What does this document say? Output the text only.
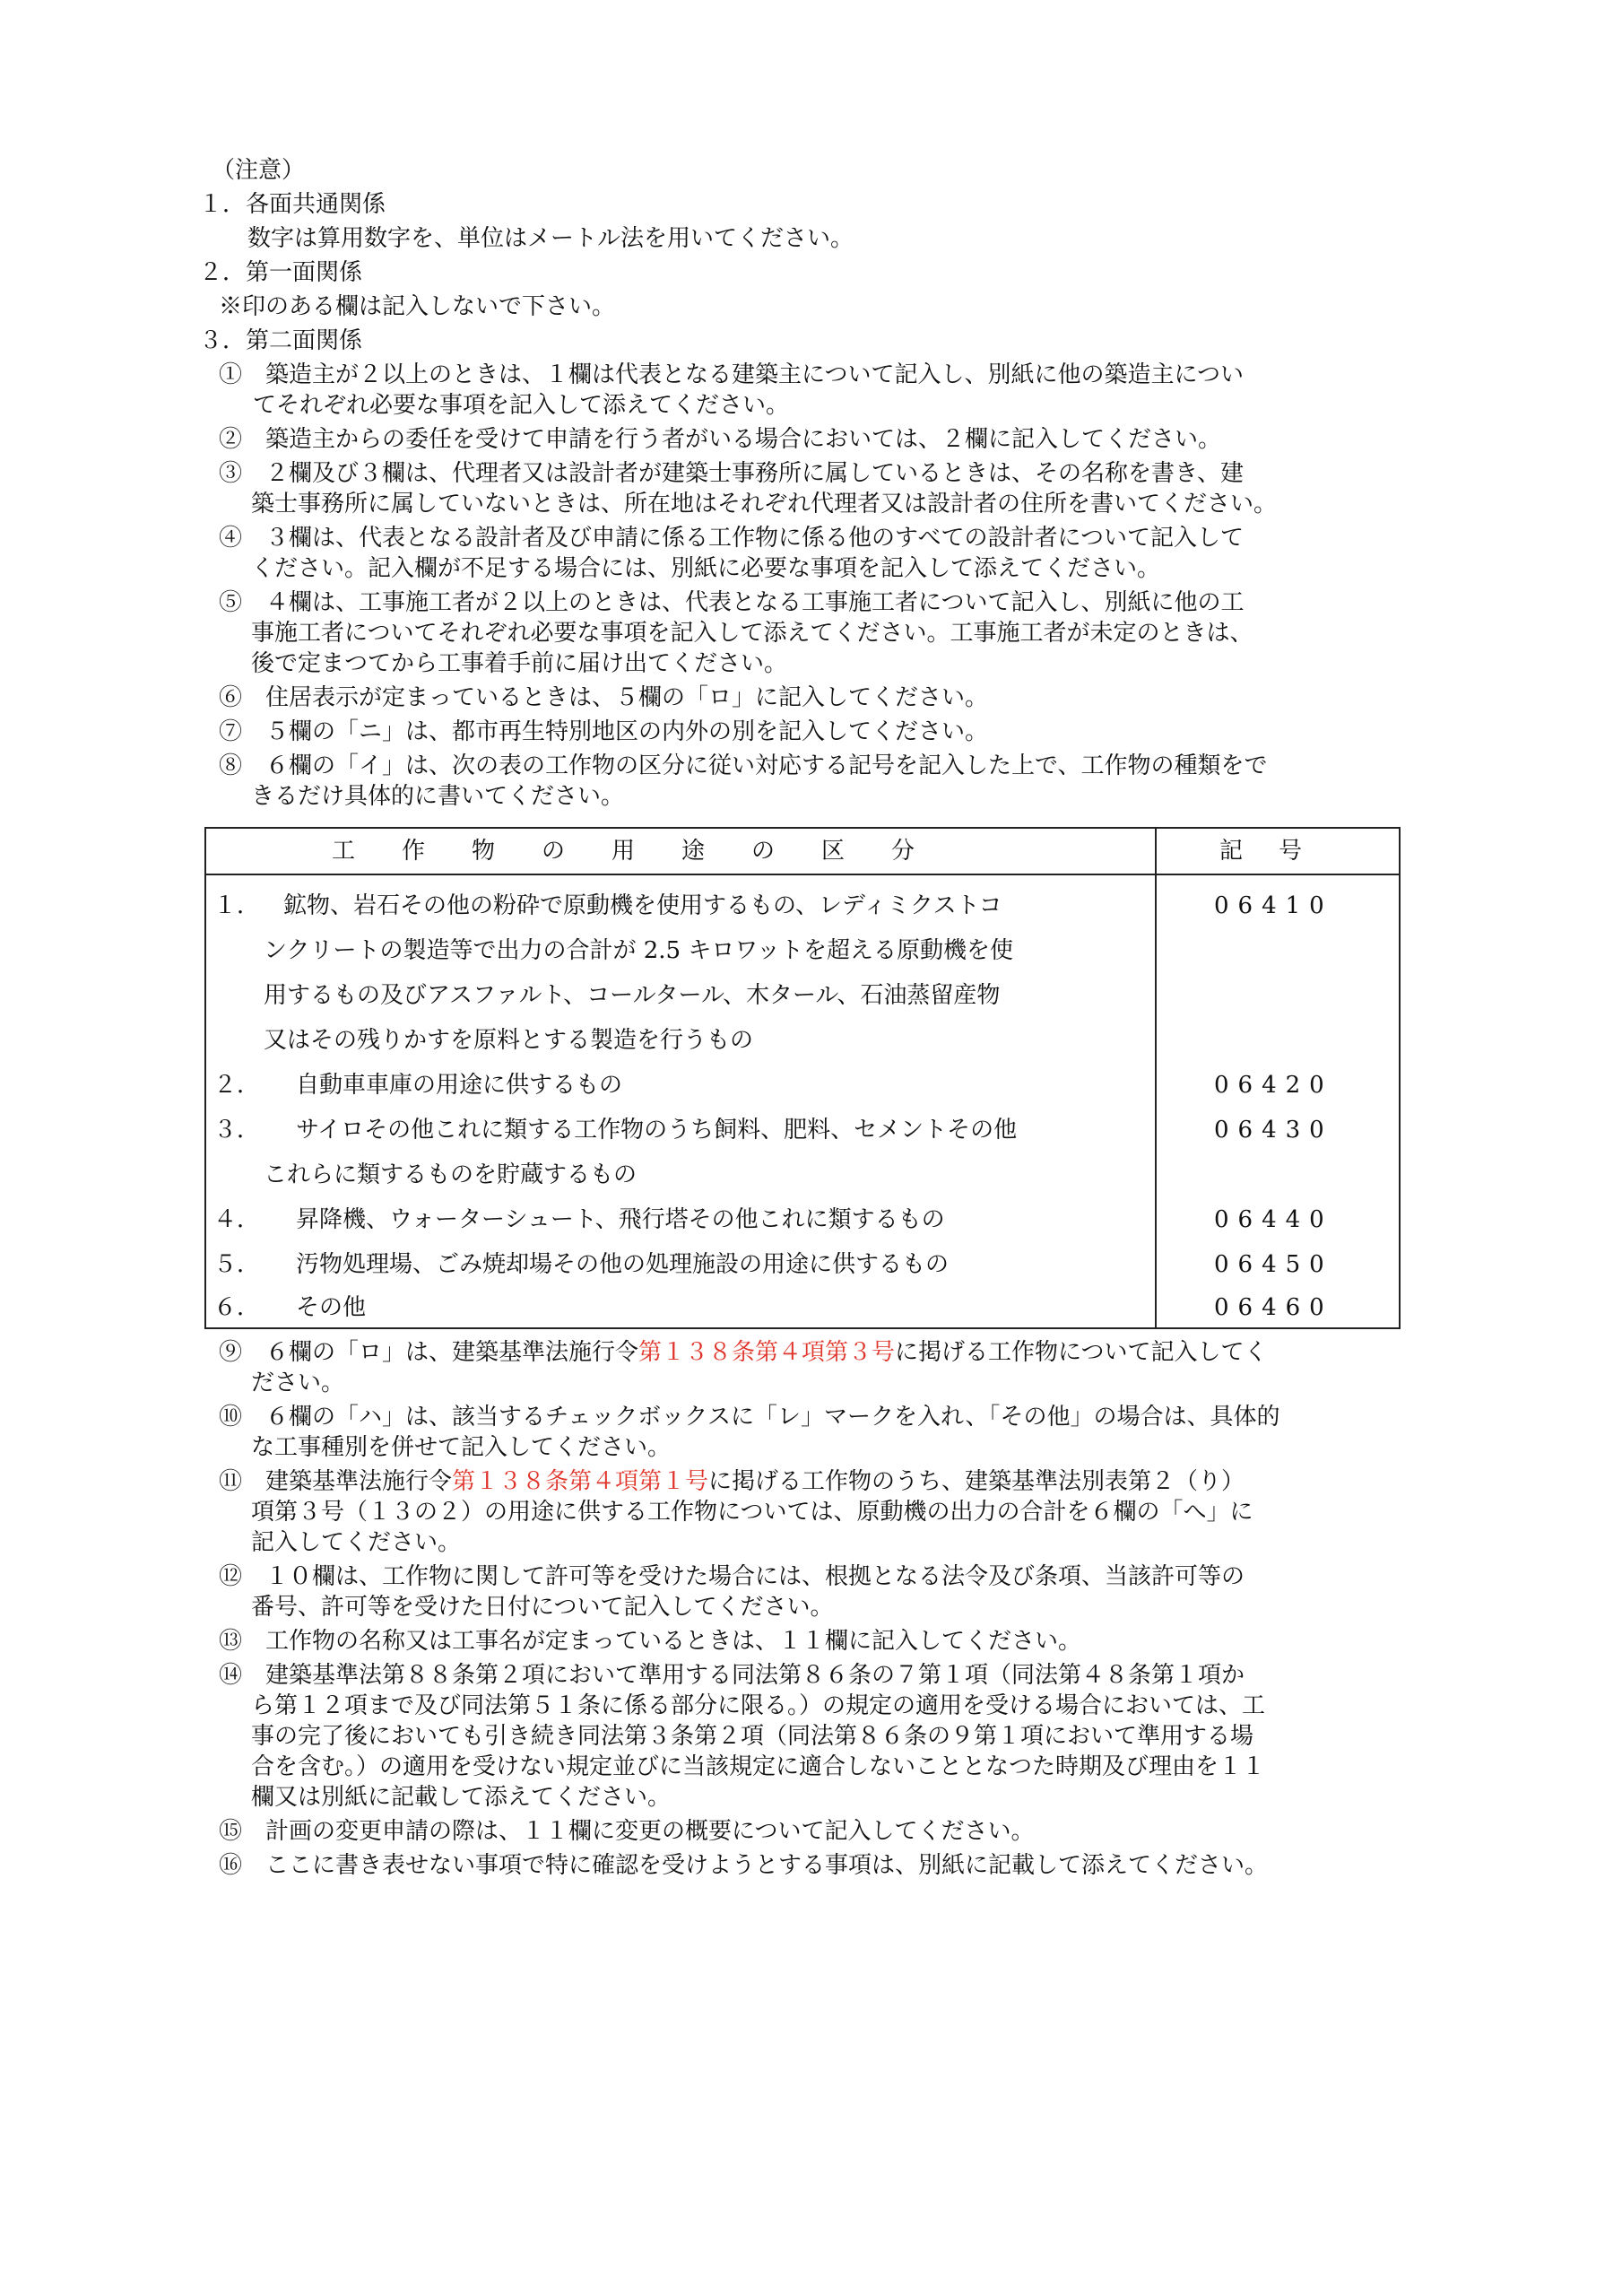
（注意）
１．各面共通関係
数字は算用数字を、単位はメートル法を用いてください。
２．第一面関係
※印のある欄は記入しないで下さい。
３．第二面関係
①　築造主が２以上のときは、１欄は代表となる建築主について記入し、別紙に他の築造主につい
てそれぞれ必要な事項を記入して添えてください。
②　築造主からの委任を受けて申請を行う者がいる場合においては、２欄に記入してください。
③　２欄及び３欄は、代理者又は設計者が建築士事務所に属しているときは、その名称を書き、建
築士事務所に属していないときは、所在地はそれぞれ代理者又は設計者の住所を書いてください。
④　３欄は、代表となる設計者及び申請に係る工作物に係る他のすべての設計者について記入して
ください。記入欄が不足する場合には、別紙に必要な事項を記入して添えてください。
⑤　４欄は、工事施工者が２以上のときは、代表となる工事施工者について記入し、別紙に他の工
事施工者についてそれぞれ必要な事項を記入して添えてください。工事施工者が未定のときは、
後で定まつてから工事着手前に届け出てください。
⑥　住居表示が定まっているときは、５欄の「ロ」に記入してください。
⑦　５欄の「ニ」は、都市再生特別地区の内外の別を記入してください。
⑧　６欄の「イ」は、次の表の工作物の区分に従い対応する記号を記入した上で、工作物の種類をで
きるだけ具体的に書いてください。
工作物の用途の区分	記号
１． 鉱物、岩石その他の粉砕で原動機を使用するもの、レディミクストコ
ンクリートの製造等で出力の合計が 2.5 キロワットを超える原動機を使
用するもの及びアスファルト、コールタール、木タール、石油蒸留産物
又はその残りかすを原料とする製造を行うもの
06410
２． 自動車車庫の用途に供するもの	06420
３． サイロその他これに類する工作物のうち飼料、肥料、セメントその他
これらに類するものを貯蔵するもの
06430
４． 昇降機、ウォーターシュート、飛行塔その他これに類するもの	06440
５． 汚物処理場、ごみ焼却場その他の処理施設の用途に供するもの	06450
６． その他	06460
⑨　６欄の「ロ」は、建築基準法施行令第１３８条第４項第３号に掲げる工作物について記入してく
ださい。
⑩　６欄の「ハ」は、該当するチェックボックスに「レ」マークを入れ、「その他」の場合は、具体的
な工事種別を併せて記入してください。
⑪　建築基準法施行令第１３８条第４項第１号に掲げる工作物のうち、建築基準法別表第２（り）
項第３号（１３の２）の用途に供する工作物については、原動機の出力の合計を６欄の「へ」に
記入してください。
⑫　１０欄は、工作物に関して許可等を受けた場合には、根拠となる法令及び条項、当該許可等の
番号、許可等を受けた日付について記入してください。
⑬　工作物の名称又は工事名が定まっているときは、１１欄に記入してください。
⑭　建築基準法第８８条第２項において準用する同法第８６条の７第１項（同法第４８条第１項か
ら第１２項まで及び同法第５１条に係る部分に限る。）の規定の適用を受ける場合においては、工
事の完了後においても引き続き同法第３条第２項（同法第８６条の９第１項において準用する場
合を含む。）の適用を受けない規定並びに当該規定に適合しないこととなつた時期及び理由を１１
欄又は別紙に記載して添えてください。
⑮　計画の変更申請の際は、１１欄に変更の概要について記入してください。
⑯　ここに書き表せない事項で特に確認を受けようとする事項は、別紙に記載して添えてください。
